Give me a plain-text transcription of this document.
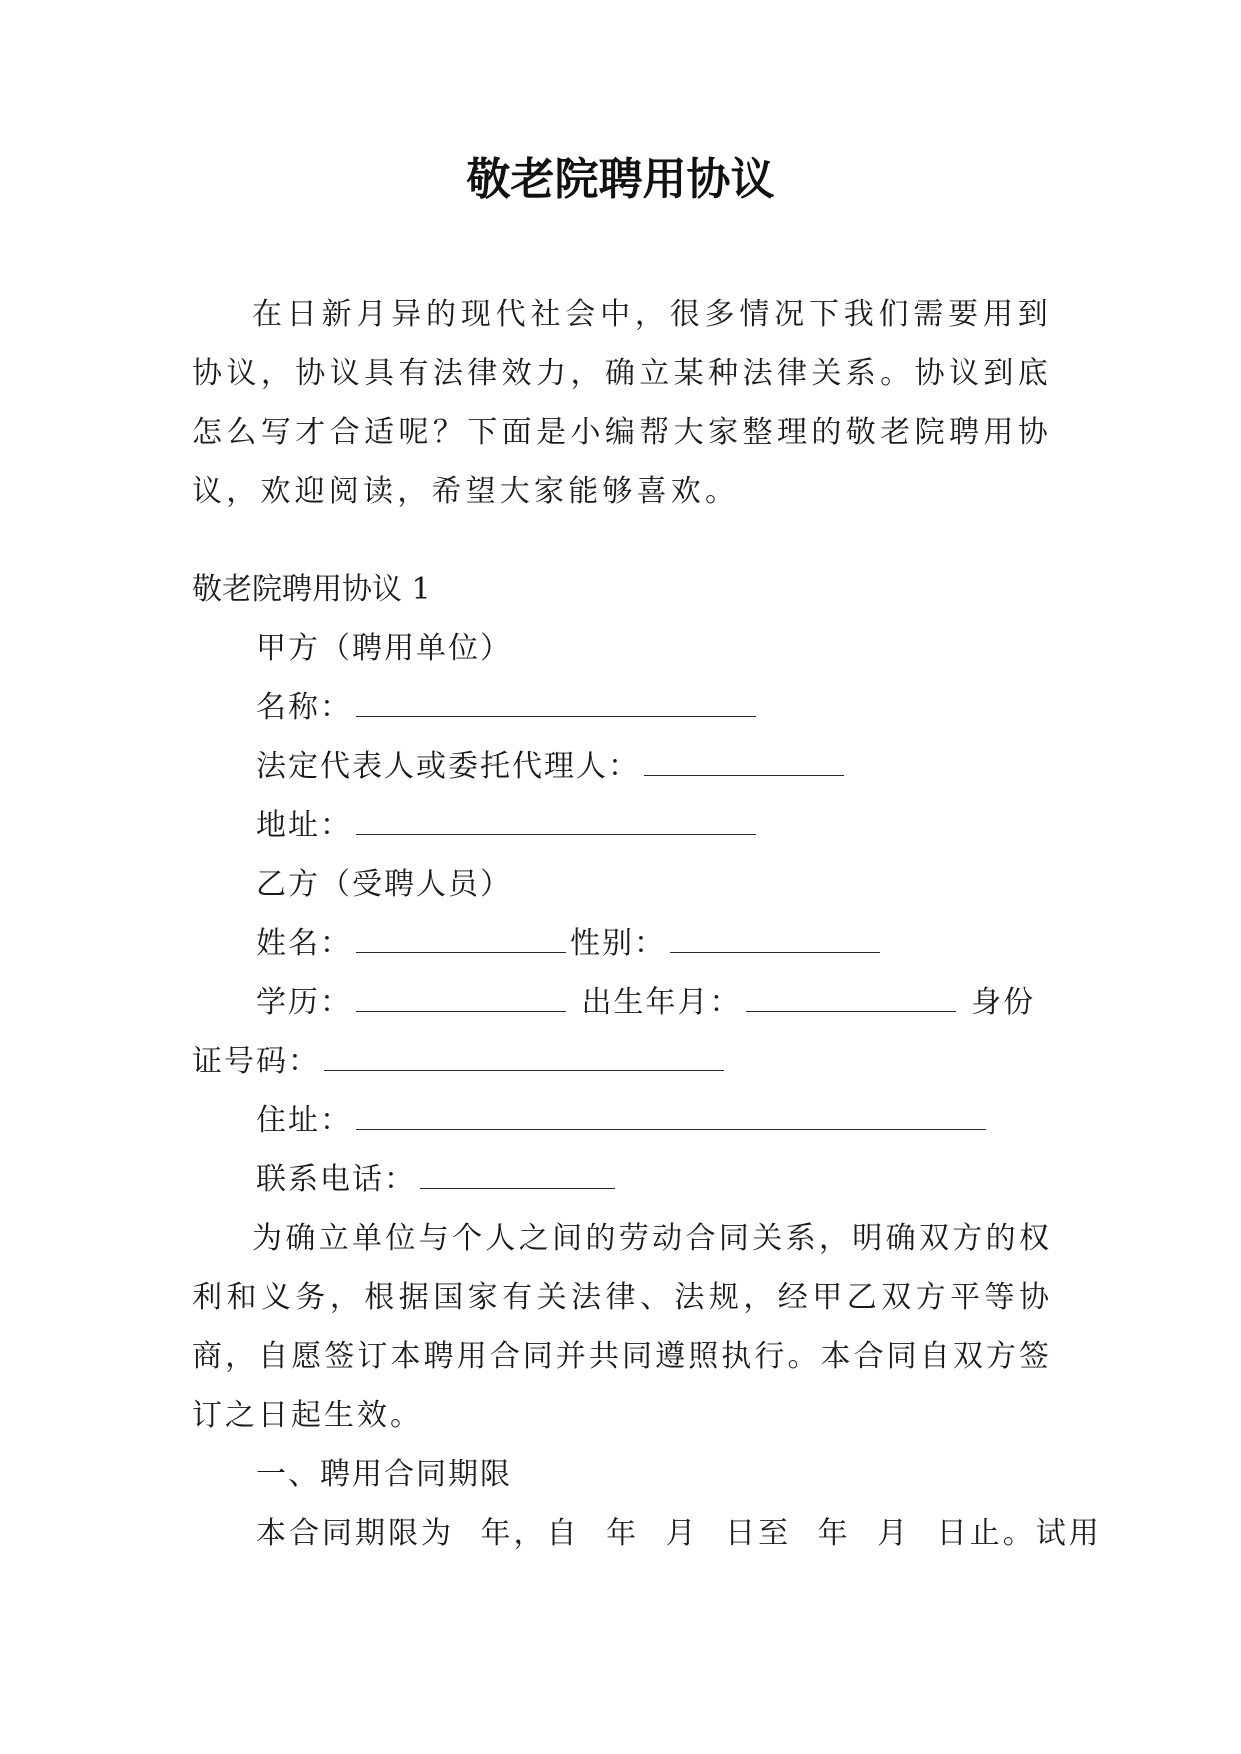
敬老院聘用协议

在日新月异的现代社会中，很多情况下我们需要用到协议，协议具有法律效力，确立某种法律关系。协议到底怎么写才合适呢？下面是小编帮大家整理的敬老院聘用协议，欢迎阅读，希望大家能够喜欢。

敬老院聘用协议 1

甲方（聘用单位）

名称：

法定代表人或委托代理人：

地址：

乙方（受聘人员）

姓名：	性别：

学历：	出生年月：	身份

证号码：

住址：

联系电话：

为确立单位与个人之间的劳动合同关系，明确双方的权利和义务，根据国家有关法律、法规，经甲乙双方平等协商，自愿签订本聘用合同并共同遵照执行。本合同自双方签订之日起生效。

一、聘用合同期限

本合同期限为 年，自 年 月 日至 年 月 日止。试用
